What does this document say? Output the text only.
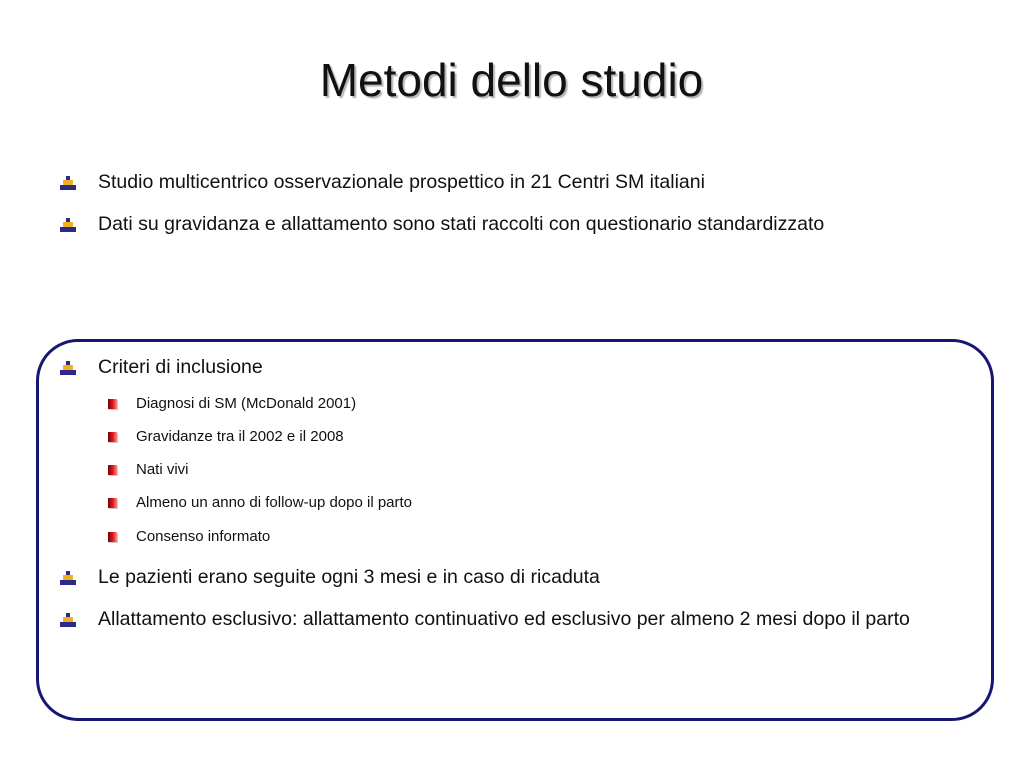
Metodi dello studio
Studio multicentrico osservazionale prospettico in 21 Centri SM italiani
Dati su gravidanza e allattamento sono stati raccolti con questionario standardizzato
Criteri di inclusione
Diagnosi di SM (McDonald 2001)
Gravidanze tra il 2002 e il 2008
Nati vivi
Almeno un anno di follow-up dopo il parto
Consenso informato
Le pazienti erano seguite ogni 3 mesi e in caso di ricaduta
Allattamento esclusivo: allattamento continuativo ed esclusivo per almeno 2 mesi dopo il parto
